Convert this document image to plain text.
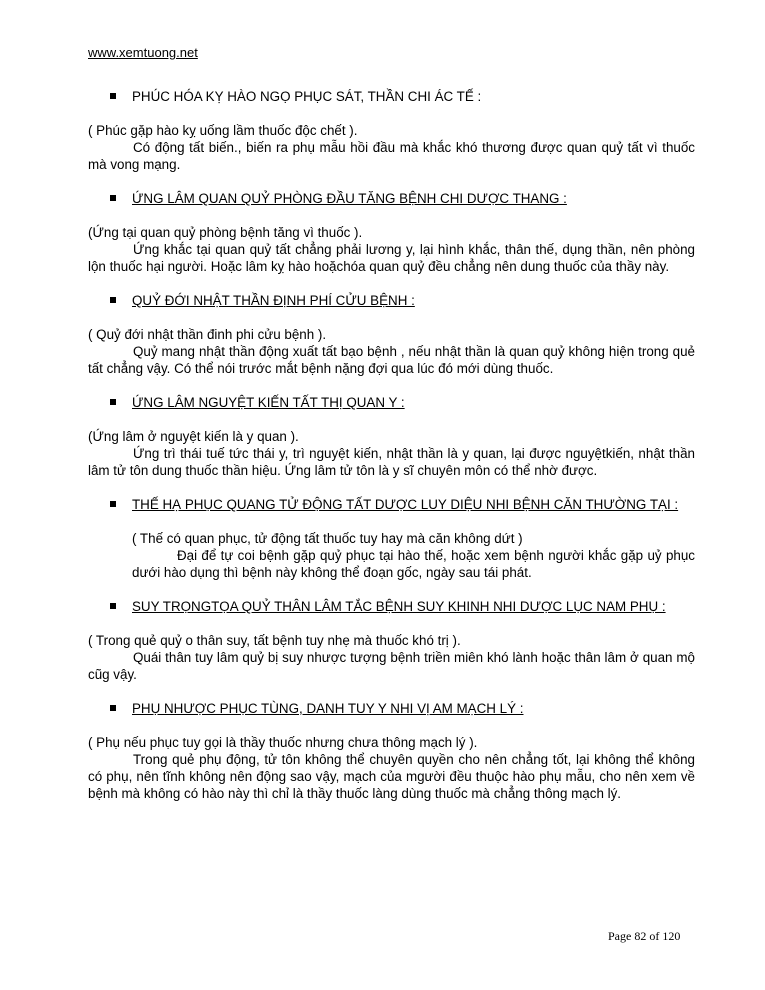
www.xemtuong.net

PHÚC HÓA KỴ HÀO NGỌ PHỤC SÁT, THẦN CHI ÁC TẾ :

( Phúc gặp hào kỵ uống lầm thuốc độc chết ).

Có động tất biến., biến ra phụ mẫu hồi đầu mà khắc khó thương được quan quỷ tất vì thuốc mà vong mạng.

ỨNG LÂM QUAN QUỶ PHÒNG ĐẦU TĂNG BỆNH CHI DƯỢC THANG :

(Ứng tại quan quỷ phòng bệnh tăng vì thuốc ).

Ứng khắc tại quan quỷ tất chẳng phải lương y, lại hình khắc, thân thế, dụng thần, nên phòng lộn thuốc hại người. Hoặc lâm kỵ hào hoặchóa quan quỷ đều chẳng nên dung thuốc của thầy này.

QUỶ ĐỚI NHẬT THẦN ĐỊNH PHÍ CỬU BỆNH :

( Quỷ đới nhật thần đinh phi cửu bệnh ).

Quỷ mang nhật thần động xuất tất bạo bệnh , nếu nhật thần là quan quỷ không hiện trong quẻ tất chẳng vậy. Có thể nói trước mắt bệnh nặng đợi qua lúc đó mới dùng thuốc.

ỨNG LÂM NGUYỆT KIẾN TẤT THỊ QUAN Y :

(Ứng lâm ở nguyệt kiến là y quan ).

Ứng trì thái tuế tức thái y, trì nguyệt kiến, nhật thần là y quan, lại được nguyệtkiến, nhật thần lâm tử tôn dung thuốc thần hiệu. Ứng lâm tử tôn là y sĩ chuyên môn có thể nhờ được.

THẾ HẠ PHỤC QUANG TỬ ĐỘNG TẤT DƯỢC LUY DIỆU NHI BỆNH CĂN THƯỜNG TẠI :

( Thế có quan phục, tử động tất thuốc tuy hay mà căn không dứt )

Đại để tự coi bệnh gặp quỷ phục tại hào thế, hoặc xem bệnh người khắc gặp uỷ phục dưới hào dụng thì bệnh này không thể đoạn gốc, ngày sau tái phát.

SUY TRỌNGTỌA QUỶ THÂN LÂM TẮC BỆNH SUY KHINH NHI DƯỢC LỤC NAM PHỤ :

( Trong quẻ quỷ o thân suy, tất bệnh tuy nhẹ mà thuốc khó trị ).

Quái thân tuy lâm quỷ bị suy nhược tượng bệnh triền miên khó lành hoặc thân lâm ở quan mộ cũg vậy.

PHỤ NHƯỢC PHỤC TÙNG, DANH TUY Y NHI VỊ AM MẠCH LÝ :

( Phụ nếu phục tuy gọi là thầy thuốc nhưng chưa thông mạch lý ).

Trong quẻ phụ động, tử tôn không thể chuyên quyền cho nên chẳng tốt, lại không thể không có phụ, nên tĩnh không nên động sao vậy, mạch của mgười đều thuộc hào phụ mẫu, cho nên xem về bệnh mà không có hào này thì chỉ là thầy thuốc làng dùng thuốc mà chẳng thông mạch lý.

Page 82 of 120
